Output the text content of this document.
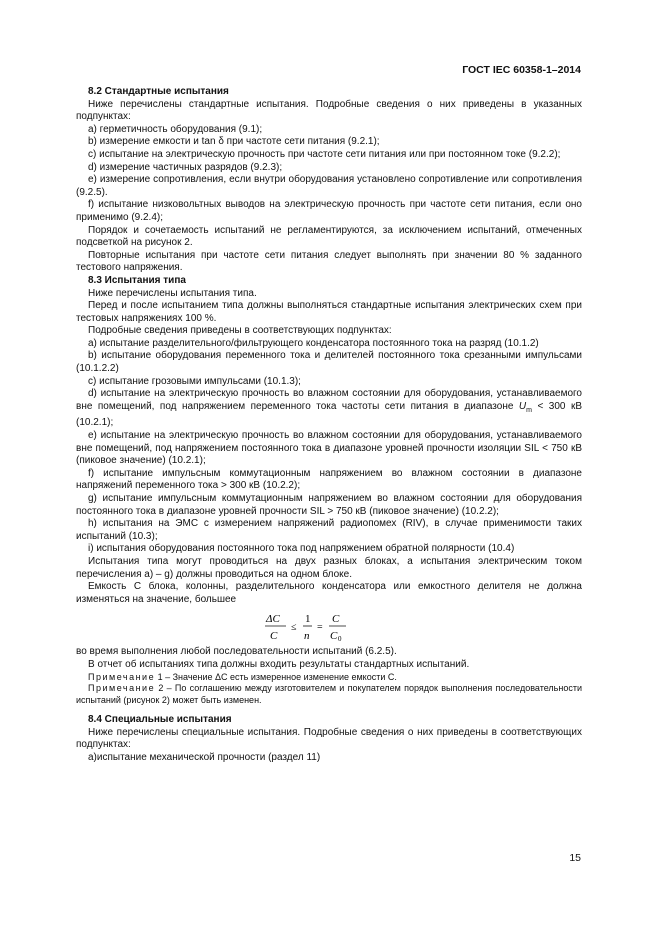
ГОСТ IEC 60358-1–2014

8.2 Стандартные испытания

Ниже перечислены стандартные испытания. Подробные сведения о них приведены в указанных подпунктах:

а) герметичность оборудования (9.1);

b) измерение емкости и tan δ при частоте сети питания (9.2.1);

c) испытание на электрическую прочность при частоте сети питания или при постоянном токе (9.2.2);

d) измерение частичных разрядов (9.2.3);

e) измерение сопротивления, если внутри оборудования установлено сопротивление или сопротивления (9.2.5).

f) испытание низковольтных выводов на электрическую прочность при частоте сети питания, если оно применимо (9.2.4);

Порядок и сочетаемость испытаний не регламентируются, за исключением испытаний, отмеченных подсветкой на рисунок 2.

Повторные испытания при частоте сети питания следует выполнять при значении 80 % заданного тестового напряжения.

8.3 Испытания типа

Ниже перечислены испытания типа.

Перед и после испытанием типа должны выполняться стандартные испытания электрических схем при тестовых напряжениях 100 %.

Подробные сведения приведены в соответствующих подпунктах:

а) испытание разделительного/фильтрующего конденсатора постоянного тока на разряд (10.1.2)

b) испытание оборудования переменного тока и делителей постоянного тока срезанными импульсами (10.1.2.2)

c) испытание грозовыми импульсами (10.1.3);

d) испытание на электрическую прочность во влажном состоянии для оборудования, устанавливаемого вне помещений, под напряжением переменного тока частоты сети питания в диапазоне $U_m < 300$ кВ (10.2.1);

e) испытание на электрическую прочность во влажном состоянии для оборудования, устанавливаемого вне помещений, под напряжением постоянного тока в диапазоне уровней прочности изоляции SIL < 750 кВ (пиковое значение) (10.2.1);

f) испытание импульсным коммутационным напряжением во влажном состоянии в диапазоне напряжений переменного тока > 300 кВ (10.2.2);

g) испытание импульсным коммутационным напряжением во влажном состоянии для оборудования постоянного тока в диапазоне уровней прочности SIL > 750 кВ (пиковое значение) (10.2.2);

h) испытания на ЭМС с измерением напряжений радиопомех (RIV), в случае применимости таких испытаний (10.3);

i) испытания оборудования постоянного тока под напряжением обратной полярности (10.4)

Испытания типа могут проводиться на двух разных блоках, а испытания электрическим током перечисления а) – g) должны проводиться на одном блоке.

Емкость C блока, колонны, разделительного конденсатора или емкостного делителя не должна изменяться на значение, большее

ΔC
C
≤
1
n
=
C
C 0

во время выполнения любой последовательности испытаний (6.2.5).

В отчет об испытаниях типа должны входить результаты стандартных испытаний.

Примечание 1 – Значение ΔC есть измеренное изменение емкости C.

Примечание 2 – По соглашению между изготовителем и покупателем порядок выполнения последовательности испытаний (рисунок 2) может быть изменен.

8.4 Специальные испытания

Ниже перечислены специальные испытания. Подробные сведения о них приведены в соответствующих подпунктах:

а)испытание механической прочности (раздел 11)

15
